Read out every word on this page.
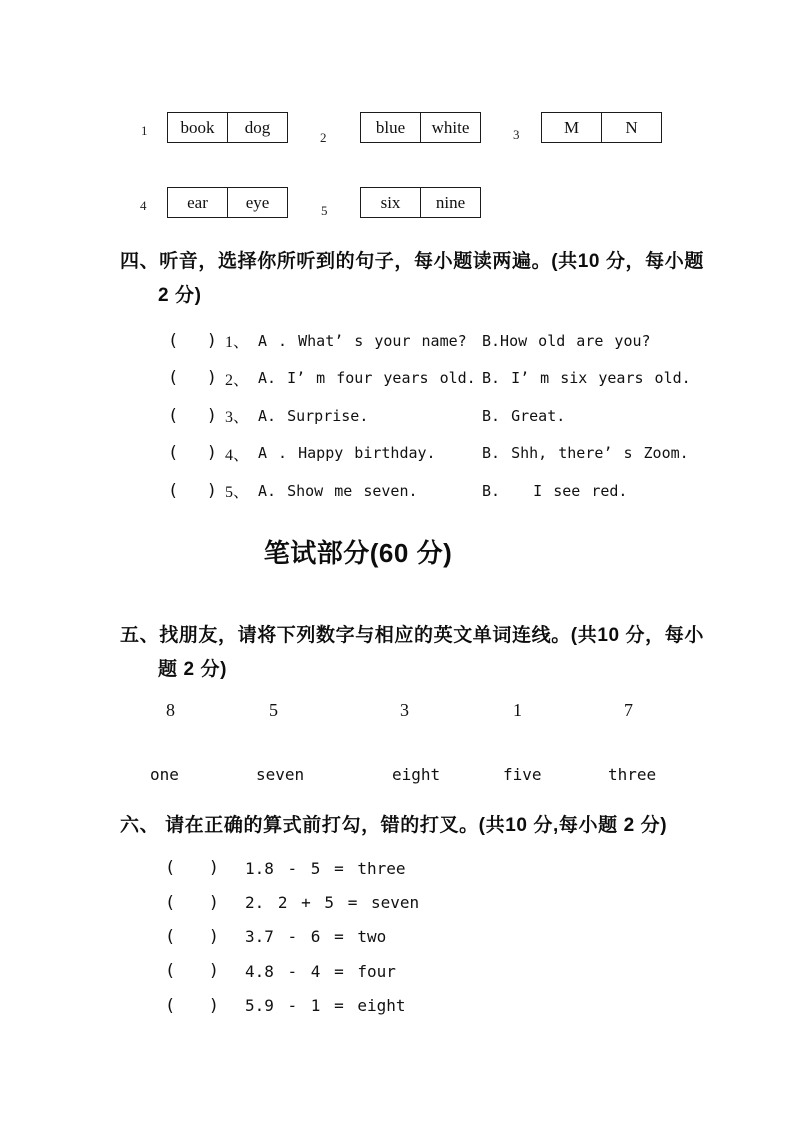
1	book	dog
2
blue	white	3	M	N
4	ear	eye	5	six	nine
四、听音，选择你所听到的句子，每小题读两遍。(共10 分，每小题
2 分)
( ) 1、 A . What’ s your name?	B.How old are you?
( ) 2、 A. I’ m four years old. B. I’ m six years old.
( ) 3、 A. Surprise.	B. Great.
( ) 4、 A . Happy birthday.	B. Shh, there’ s Zoom.
( ) 5、 A. Show me seven.	B.   I see red.
笔试部分(60 分)
五、找朋友，请将下列数字与相应的英文单词连线。(共10 分，每小
题 2 分)
8	5	3	1	7
one	seven	eight	five	three
六、 请在正确的算式前打勾，错的打叉。(共10 分,每小题 2 分)
( ) 1.8 - 5 = three
( ) 2. 2 + 5 = seven
( ) 3.7 - 6 = two
( ) 4.8 - 4 = four
( ) 5.9 - 1 = eight
